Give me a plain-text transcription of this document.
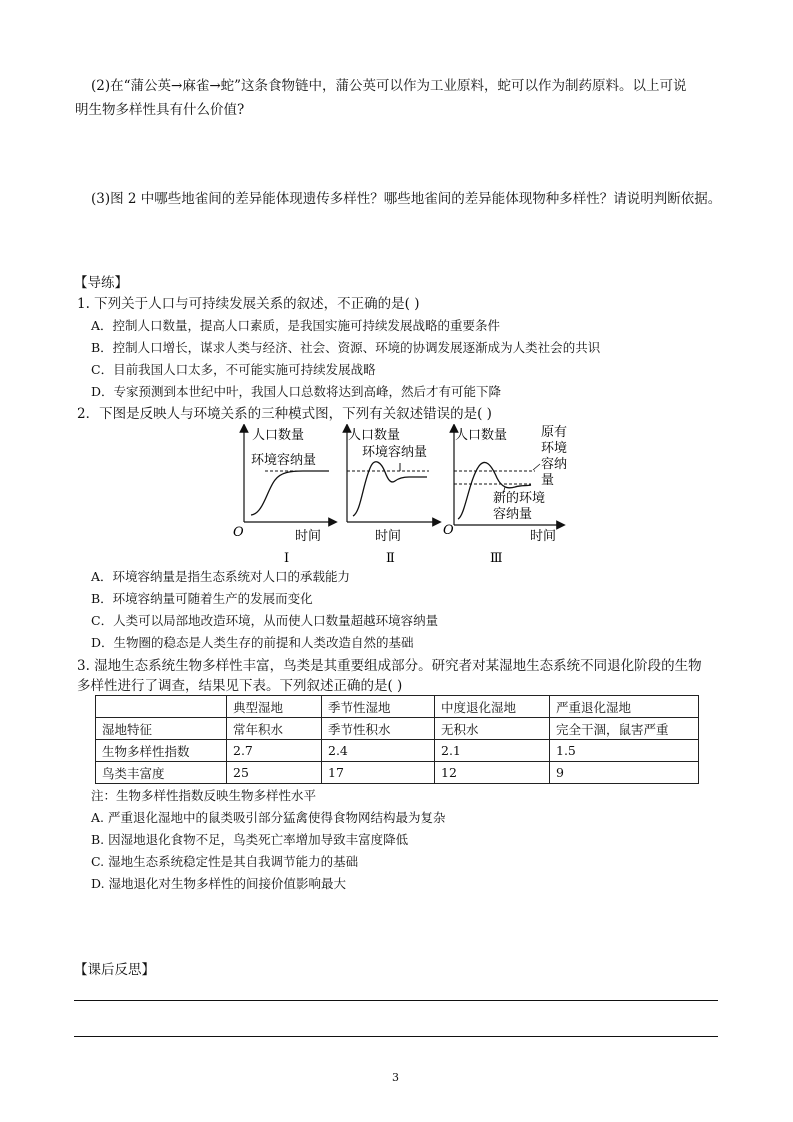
(2)在“蒲公英→麻雀→蛇”这条食物链中，蒲公英可以作为工业原料，蛇可以作为制药原料。以上可说
明生物多样性具有什么价值?
(3)图 2 中哪些地雀间的差异能体现遗传多样性？哪些地雀间的差异能体现物种多样性？请说明判断依据。
【导练】
1. 下列关于人口与可持续发展关系的叙述，不正确的是( )
A．控制人口数量，提高人口素质，是我国实施可持续发展战略的重要条件
B．控制人口增长，谋求人类与经济、社会、资源、环境的协调发展逐渐成为人类社会的共识
C．目前我国人口太多，不可能实施可持续发展战略
D．专家预测到本世纪中叶，我国人口总数将达到高峰，然后才有可能下降
2．下图是反映人与环境关系的三种模式图，下列有关叙述错误的是( )
人口数量
环境容纳量
O	时间
Ⅰ
人口数量
环境容纳量
时间
Ⅱ
人口数量	原有
环境
容纳
量
新的环境
容纳量
O	时间
Ⅲ
A．环境容纳量是指生态系统对人口的承载能力
B．环境容纳量可随着生产的发展而变化
C．人类可以局部地改造环境，从而使人口数量超越环境容纳量
D．生物圈的稳态是人类生存的前提和人类改造自然的基础
3. 湿地生态系统生物多样性丰富，鸟类是其重要组成部分。研究者对某湿地生态系统不同退化阶段的生物
多样性进行了调查，结果见下表。下列叙述正确的是( )
	典型湿地	季节性湿地	中度退化湿地	严重退化湿地
湿地特征	常年积水	季节性积水	无积水	完全干涸，鼠害严重
生物多样性指数	2.7	2.4	2.1	1.5
鸟类丰富度	25	17	12	9
注：生物多样性指数反映生物多样性水平
A. 严重退化湿地中的鼠类吸引部分猛禽使得食物网结构最为复杂
B. 因湿地退化食物不足，鸟类死亡率增加导致丰富度降低
C. 湿地生态系统稳定性是其自我调节能力的基础
D. 湿地退化对生物多样性的间接价值影响最大
【课后反思】
3
